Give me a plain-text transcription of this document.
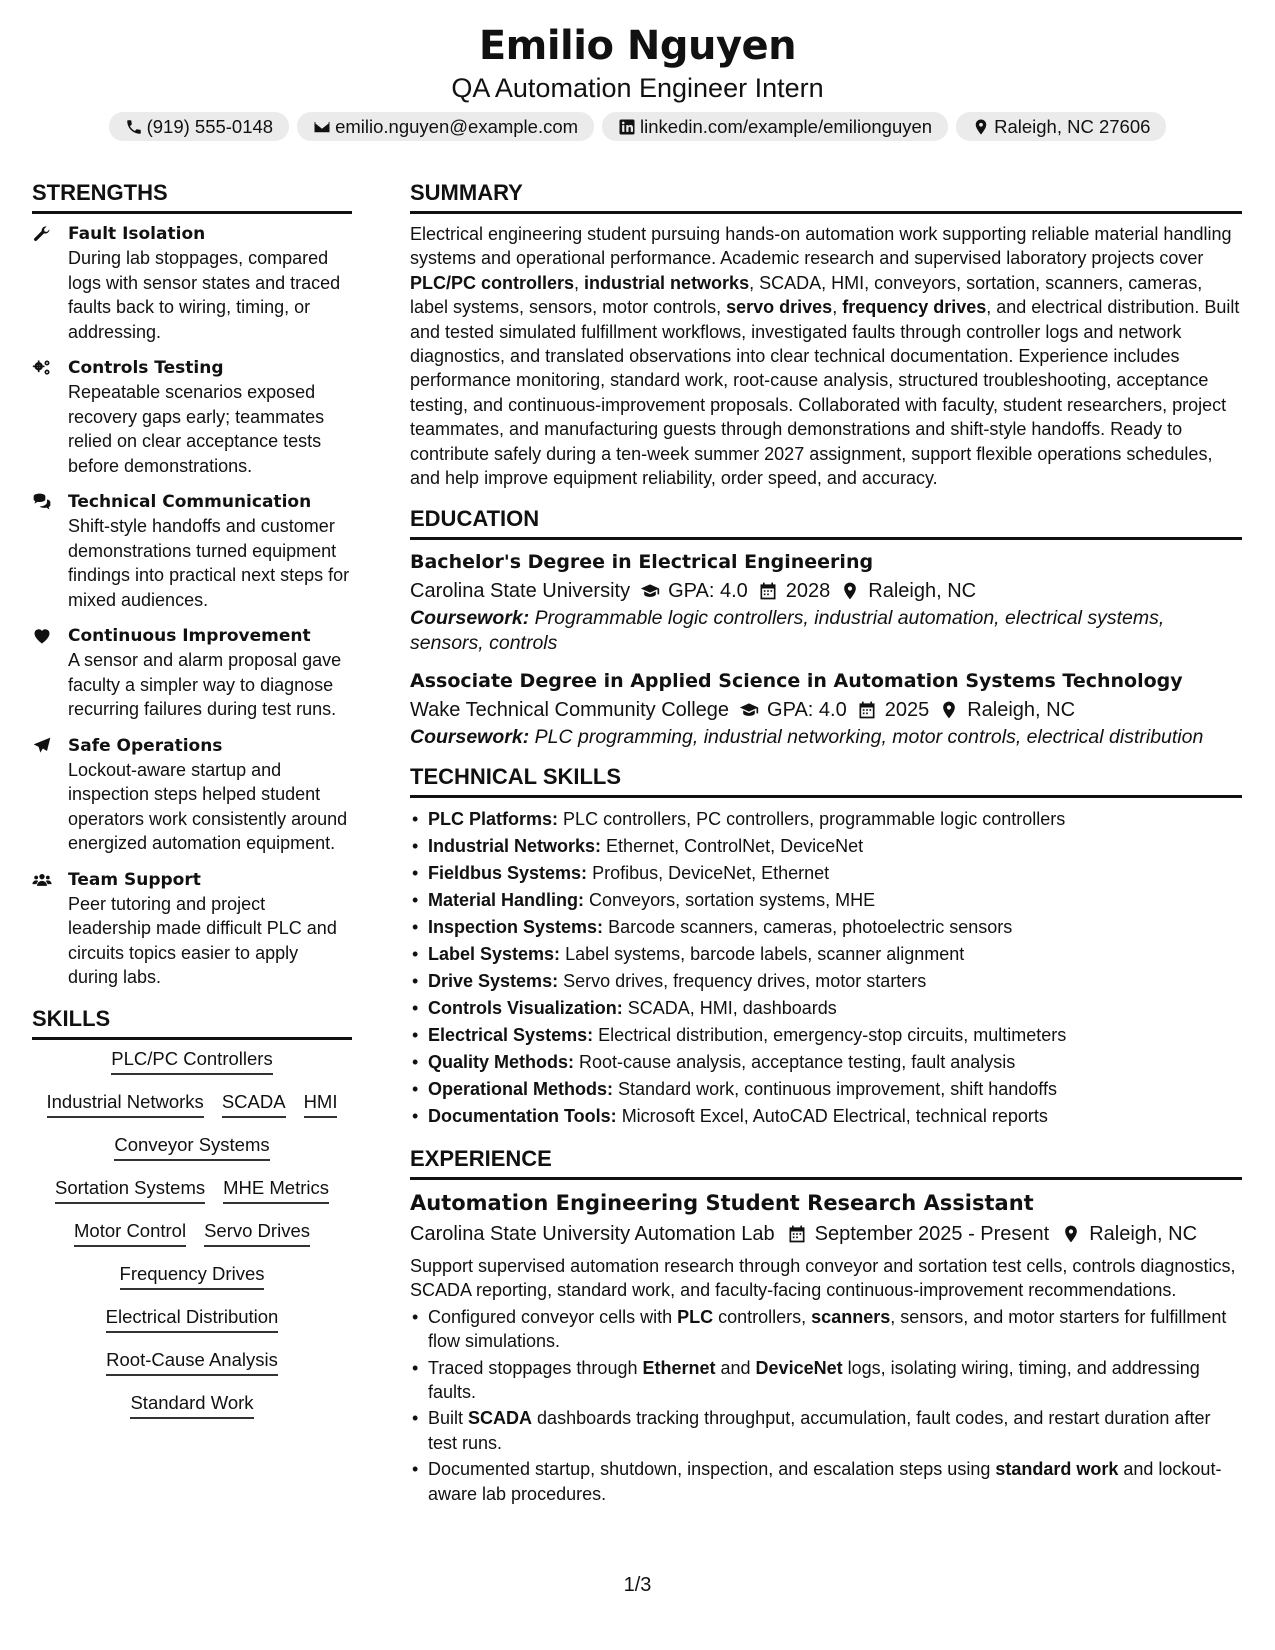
Emilio Nguyen
QA Automation Engineer Intern
(919) 555-0148	emilio.nguyen@example.com	linkedin.com/example/emilionguyen	Raleigh, NC 27606
STRENGTHS
Fault Isolation
During lab stoppages, compared logs with sensor states and traced faults back to wiring, timing, or addressing.
Controls Testing
Repeatable scenarios exposed recovery gaps early; teammates relied on clear acceptance tests before demonstrations.
Technical Communication
Shift-style handoffs and customer demonstrations turned equipment findings into practical next steps for mixed audiences.
Continuous Improvement
A sensor and alarm proposal gave faculty a simpler way to diagnose recurring failures during test runs.
Safe Operations
Lockout-aware startup and inspection steps helped student operators work consistently around energized automation equipment.
Team Support
Peer tutoring and project leadership made difficult PLC and circuits topics easier to apply during labs.
SKILLS
PLC/PC Controllers
Industrial Networks SCADA HMI
Conveyor Systems
Sortation Systems MHE Metrics
Motor Control Servo Drives
Frequency Drives
Electrical Distribution
Root-Cause Analysis
Standard Work
SUMMARY

Electrical engineering student pursuing hands-on automation work supporting reliable material handling systems and operational performance. Academic research and supervised laboratory projects cover PLC/PC controllers, industrial networks, SCADA, HMI, conveyors, sortation, scanners, cameras, label systems, sensors, motor controls, servo drives, frequency drives, and electrical distribution. Built and tested simulated fulfillment workflows, investigated faults through controller logs and network diagnostics, and translated observations into clear technical documentation. Experience includes performance monitoring, standard work, root-cause analysis, structured troubleshooting, acceptance testing, and continuous-improvement proposals. Collaborated with faculty, student researchers, project teammates, and manufacturing guests through demonstrations and shift-style handoffs. Ready to contribute safely during a ten-week summer 2027 assignment, support flexible operations schedules, and help improve equipment reliability, order speed, and accuracy.

EDUCATION
Bachelor's Degree in Electrical Engineering
Carolina State University GPA: 4.0 2028 Raleigh, NC
Coursework: Programmable logic controllers, industrial automation, electrical systems, sensors, controls
Associate Degree in Applied Science in Automation Systems Technology
Wake Technical Community College GPA: 4.0 2025 Raleigh, NC
Coursework: PLC programming, industrial networking, motor controls, electrical distribution
TECHNICAL SKILLS
• PLC Platforms: PLC controllers, PC controllers, programmable logic controllers
• Industrial Networks: Ethernet, ControlNet, DeviceNet
• Fieldbus Systems: Profibus, DeviceNet, Ethernet
• Material Handling: Conveyors, sortation systems, MHE
• Inspection Systems: Barcode scanners, cameras, photoelectric sensors
• Label Systems: Label systems, barcode labels, scanner alignment
• Drive Systems: Servo drives, frequency drives, motor starters
• Controls Visualization: SCADA, HMI, dashboards
• Electrical Systems: Electrical distribution, emergency-stop circuits, multimeters
• Quality Methods: Root-cause analysis, acceptance testing, fault analysis
• Operational Methods: Standard work, continuous improvement, shift handoffs
• Documentation Tools: Microsoft Excel, AutoCAD Electrical, technical reports
EXPERIENCE
Automation Engineering Student Research Assistant
Carolina State University Automation Lab September 2025 - Present Raleigh, NC

Support supervised automation research through conveyor and sortation test cells, controls diagnostics, SCADA reporting, standard work, and faculty-facing continuous-improvement recommendations.

• Configured conveyor cells with PLC controllers, scanners, sensors, and motor starters for fulfillment flow simulations.
• Traced stoppages through Ethernet and DeviceNet logs, isolating wiring, timing, and addressing faults.
• Built SCADA dashboards tracking throughput, accumulation, fault codes, and restart duration after test runs.
• Documented startup, shutdown, inspection, and escalation steps using standard work and lockout-aware lab procedures.
1/3
